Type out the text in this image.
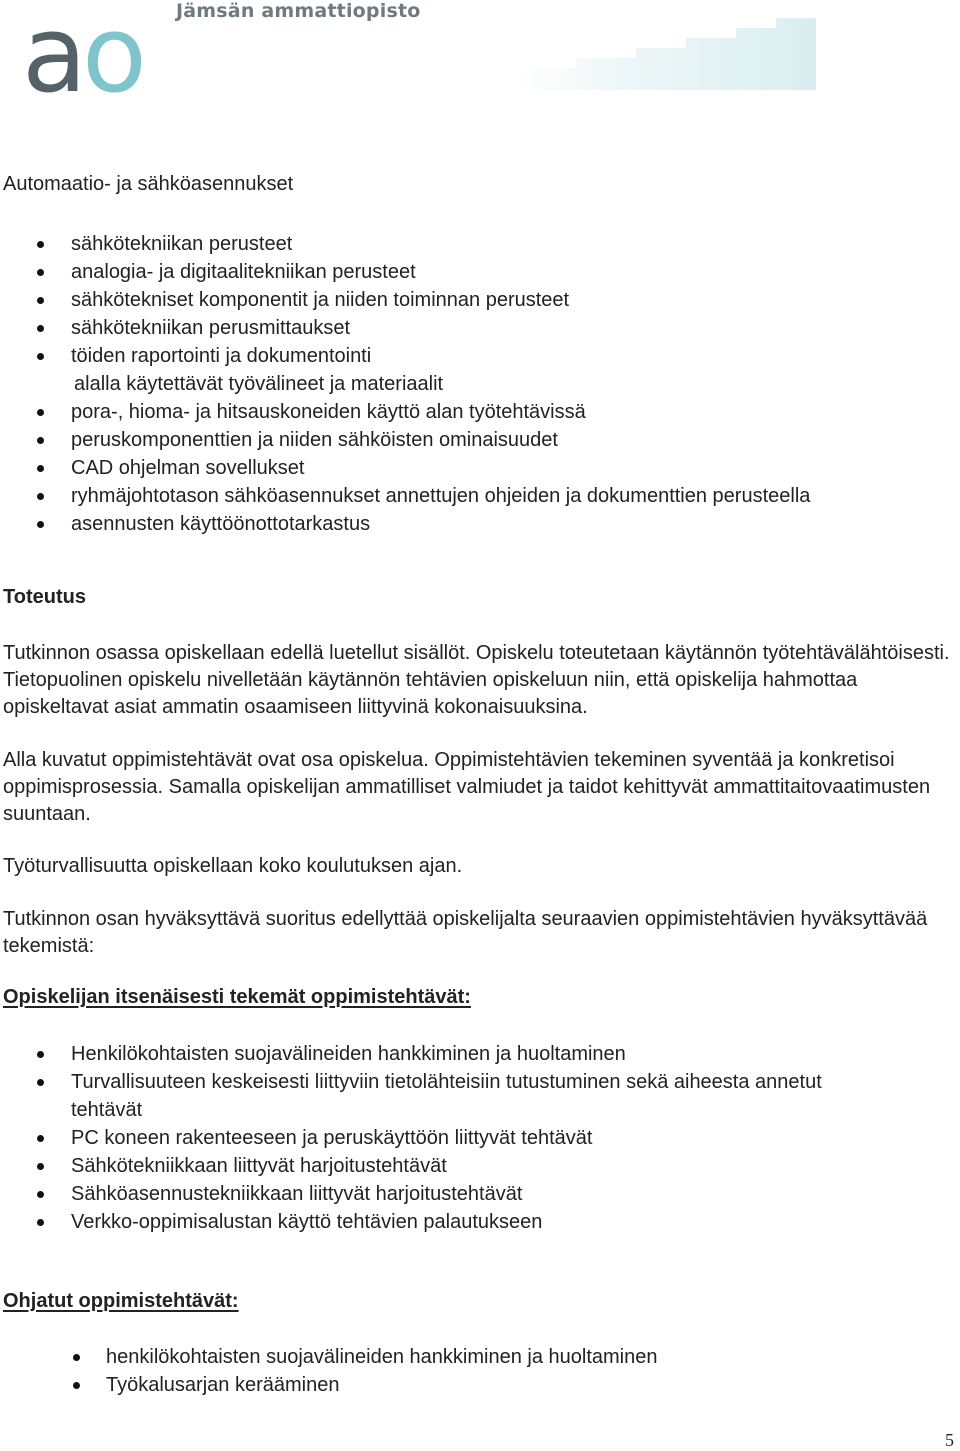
a o Jämsän ammattiopisto
Automaatio- ja sähköasennukset
sähkötekniikan perusteet
analogia- ja digitaalitekniikan perusteet
sähkötekniset komponentit ja niiden toiminnan perusteet
sähkötekniikan perusmittaukset
töiden raportointi ja dokumentointi
alalla käytettävät työvälineet ja materiaalit
pora-, hioma- ja hitsauskoneiden käyttö alan työtehtävissä
peruskomponenttien ja niiden sähköisten ominaisuudet
CAD ohjelman sovellukset
ryhmäjohtotason sähköasennukset annettujen ohjeiden ja dokumenttien perusteella
asennusten käyttöönottotarkastus
Toteutus

Tutkinnon osassa opiskellaan edellä luetellut sisällöt. Opiskelu toteutetaan käytännön työtehtävälähtöisesti. Tietopuolinen opiskelu nivelletään käytännön tehtävien opiskeluun niin, että opiskelija hahmottaa opiskeltavat asiat ammatin osaamiseen liittyvinä kokonaisuuksina.

Alla kuvatut oppimistehtävät ovat osa opiskelua. Oppimistehtävien tekeminen syventää ja konkretisoi oppimisprosessia. Samalla opiskelijan ammatilliset valmiudet ja taidot kehittyvät ammattitaitovaatimusten suuntaan.

Työturvallisuutta opiskellaan koko koulutuksen ajan.

Tutkinnon osan hyväksyttävä suoritus edellyttää opiskelijalta seuraavien oppimistehtävien hyväksyttävää tekemistä:

Opiskelijan itsenäisesti tekemät oppimistehtävät:
Henkilökohtaisten suojavälineiden hankkiminen ja huoltaminen
Turvallisuuteen keskeisesti liittyviin tietolähteisiin tutustuminen sekä aiheesta annetut
tehtävät
PC koneen rakenteeseen ja peruskäyttöön liittyvät tehtävät
Sähkötekniikkaan liittyvät harjoitustehtävät
Sähköasennustekniikkaan liittyvät harjoitustehtävät
Verkko-oppimisalustan käyttö tehtävien palautukseen
Ohjatut oppimistehtävät:
henkilökohtaisten suojavälineiden hankkiminen ja huoltaminen
Työkalusarjan kerääminen
5
